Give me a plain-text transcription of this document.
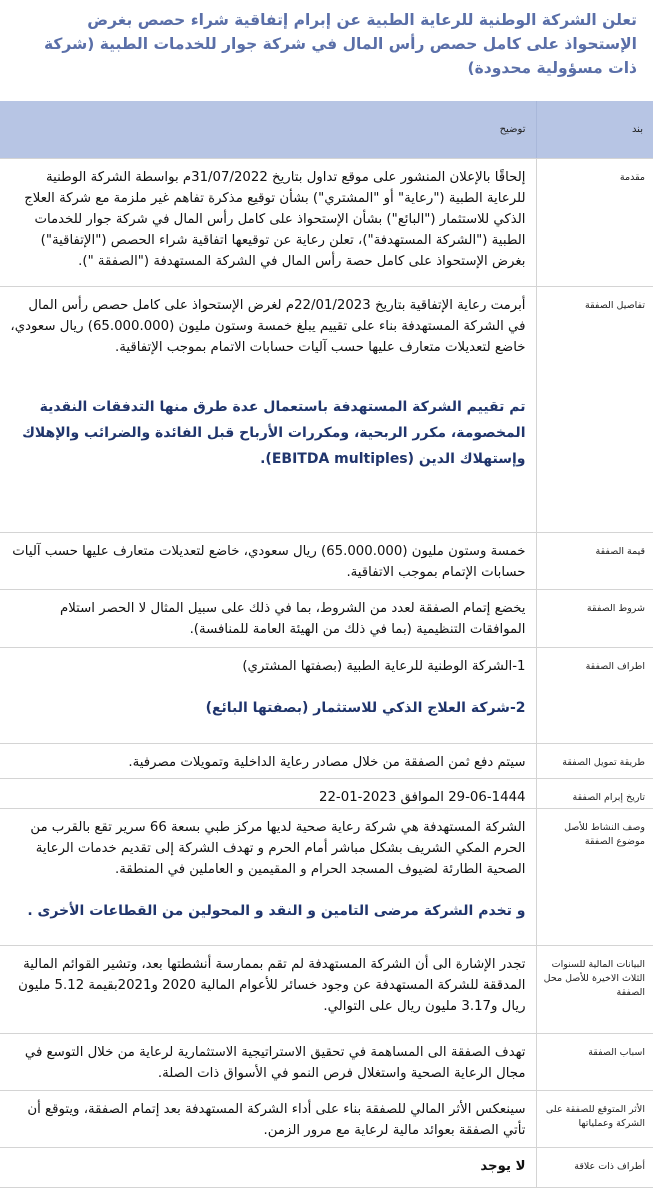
تعلن الشركة الوطنية للرعاية الطبية عن إبرام إتفاقية شراء حصص بغرض الإستحواذ على كامل حصص رأس المال في شركة جوار للخدمات الطبية (شركة ذات مسؤولية محدودة)
بند	توضيح
مقدمة	إلحاقًا بالإعلان المنشور على موقع تداول بتاريخ 31/07/2022م بواسطة الشركة الوطنية للرعاية الطبية ("رعاية" أو "المشتري") بشأن توقيع مذكرة تفاهم غير ملزمة مع شركة العلاج الذكي للاستثمار ("البائع") بشأن الإستحواذ على كامل رأس المال في شركة جوار للخدمات الطبية ("الشركة المستهدفة")، تعلن رعاية عن توقيعها اتفاقية شراء الحصص ("الإتفاقية") بغرض الإستحواذ على كامل حصة رأس المال في الشركة المستهدفة ("الصفقة ").

تفاصيل الصفقة	أبرمت رعاية الإتفاقية بتاريخ 22/01/2023م لغرض الإستحواذ على كامل حصص رأس المال في الشركة المستهدفة بناء على تقييم يبلغ خمسة وستون مليون (65.000.000) ريال سعودي، خاضع لتعديلات متعارف عليها حسب آليات حسابات الاتمام بموجب الإتفاقية.

تم تقييم الشركة المستهدفة باستعمال عدة طرق منها التدفقات النقدية المخصومة، مكرر الربحية، ومكررات الأرباح قبل الفائدة والضرائب والإهلاك وإستهلاك الدين (EBITDA multiples).

قيمة الصفقة	خمسة وستون مليون (65.000.000) ريال سعودي، خاضع لتعديلات متعارف عليها حسب آليات حسابات الإتمام بموجب الاتفاقية.

شروط الصفقة	يخضع إتمام الصفقة لعدد من الشروط، بما في ذلك على سبيل المثال لا الحصر استلام الموافقات التنظيمية (بما في ذلك من الهيئة العامة للمنافسة).

اطراف الصفقة	1-الشركة الوطنية للرعاية الطبية (بصفتها المشتري)

2-شركة العلاج الذكي للاستثمار (بصفتها البائع)

طريقة تمويل الصفقة	سيتم دفع ثمن الصفقة من خلال مصادر رعاية الداخلية وتمويلات مصرفية.

تاريخ إبرام الصفقة	29-06-1444 الموافق 2023-01-22

وصف النشاط للأصل موضوع الصفقة	الشركة المستهدفة هي شركة رعاية صحية لديها مركز طبي بسعة 66 سرير تقع بالقرب من الحرم المكي الشريف بشكل مباشر أمام الحرم و تهدف الشركة إلى تقديم خدمات الرعاية الصحية الطارئة لضيوف المسجد الحرام و المقيمين و العاملين في المنطقة.

و تخدم الشركة مرضى التامين و النقد و المحولين من القطاعات الأخرى .

البيانات المالية للسنوات الثلاث الاخيرة للأصل محل الصفقة	تجدر الإشارة الى أن الشركة المستهدفة لم تقم بممارسة أنشطتها بعد، وتشير القوائم المالية المدققة للشركة المستهدفة عن وجود خسائر للأعوام المالية 2020 و2021بقيمة 5.12 مليون ريال و3.17 مليون ريال على التوالي.

اسباب الصفقة	تهدف الصفقة الى المساهمة في تحقيق الاستراتيجية الاستثمارية لرعاية من خلال التوسع في مجال الرعاية الصحية واستغلال فرص النمو في الأسواق ذات الصلة.

الأثر المتوقع للصفقة على الشركة وعملياتها	سينعكس الأثر المالي للصفقة بناء على أداء الشركة المستهدفة بعد إتمام الصفقة، ويتوقع أن تأتي الصفقة بعوائد مالية لرعاية مع مرور الزمن.

أطراف ذات علاقة	لا يوجد
